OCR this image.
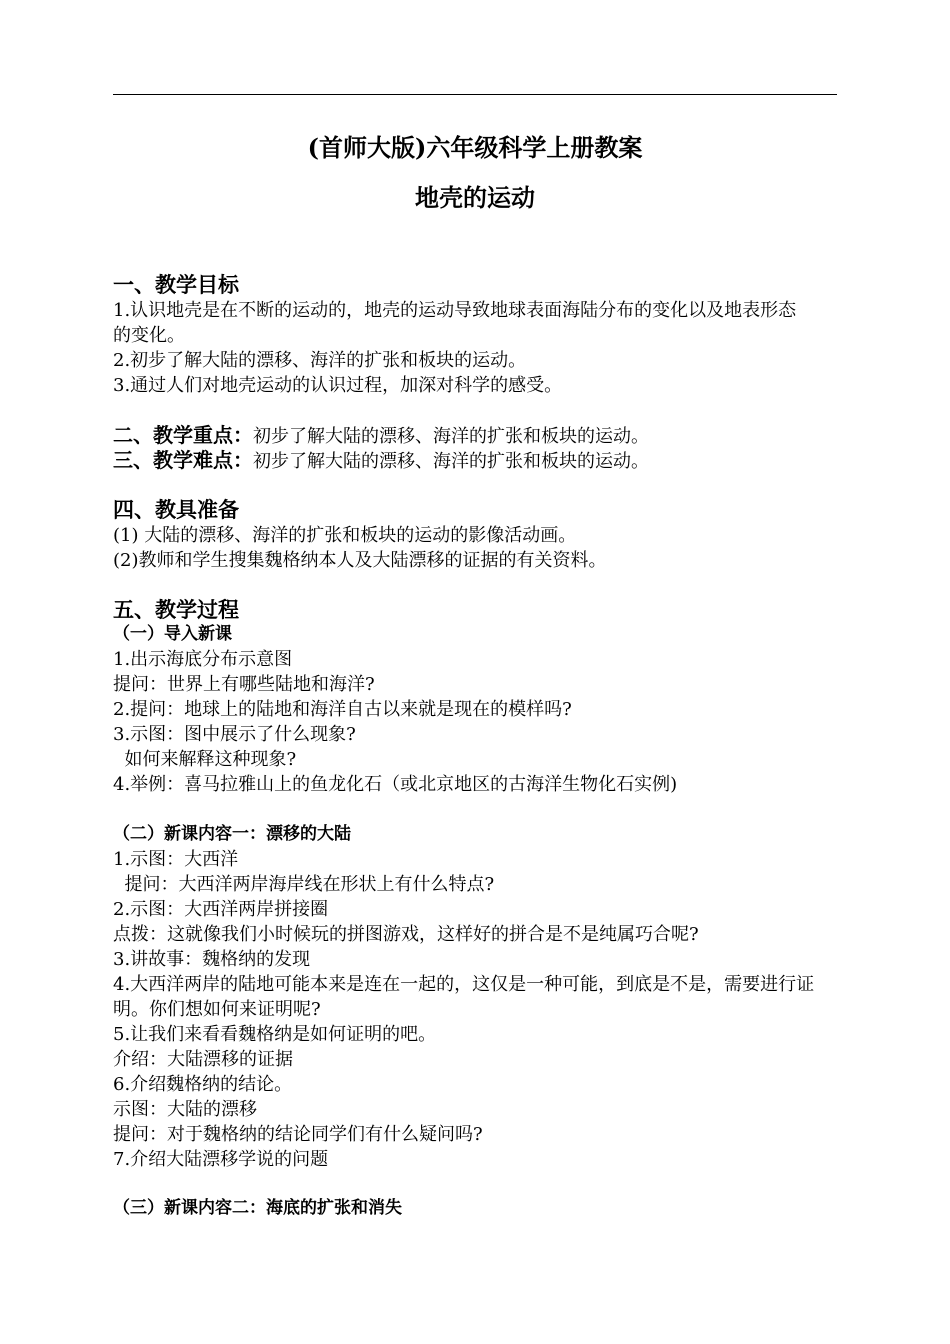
(首师大版)六年级科学上册教案
地壳的运动
一、教学目标
1.认识地壳是在不断的运动的，地壳的运动导致地球表面海陆分布的变化以及地表形态
的变化。
2.初步了解大陆的漂移、海洋的扩张和板块的运动。
3.通过人们对地壳运动的认识过程，加深对科学的感受。
二、教学重点：初步了解大陆的漂移、海洋的扩张和板块的运动。
三、教学难点：初步了解大陆的漂移、海洋的扩张和板块的运动。
四、教具准备
(1) 大陆的漂移、海洋的扩张和板块的运动的影像活动画。
(2)教师和学生搜集魏格纳本人及大陆漂移的证据的有关资料。
五、教学过程
（一）导入新课
1.出示海底分布示意图
提问：世界上有哪些陆地和海洋?
2.提问：地球上的陆地和海洋自古以来就是现在的模样吗?
3.示图：图中展示了什么现象?
如何来解释这种现象?
4.举例：喜马拉雅山上的鱼龙化石（或北京地区的古海洋生物化石实例)
（二）新课内容一：漂移的大陆
1.示图：大西洋
提问：大西洋两岸海岸线在形状上有什么特点?
2.示图：大西洋两岸拼接圈
点拨：这就像我们小时候玩的拼图游戏，这样好的拼合是不是纯属巧合呢?
3.讲故事：魏格纳的发现
4.大西洋两岸的陆地可能本来是连在一起的，这仅是一种可能，到底是不是，需要进行证
明。你们想如何来证明呢?
5.让我们来看看魏格纳是如何证明的吧。
介绍：大陆漂移的证据
6.介绍魏格纳的结论。
示图：大陆的漂移
提问：对于魏格纳的结论同学们有什么疑问吗?
7.介绍大陆漂移学说的问题
（三）新课内容二：海底的扩张和消失
